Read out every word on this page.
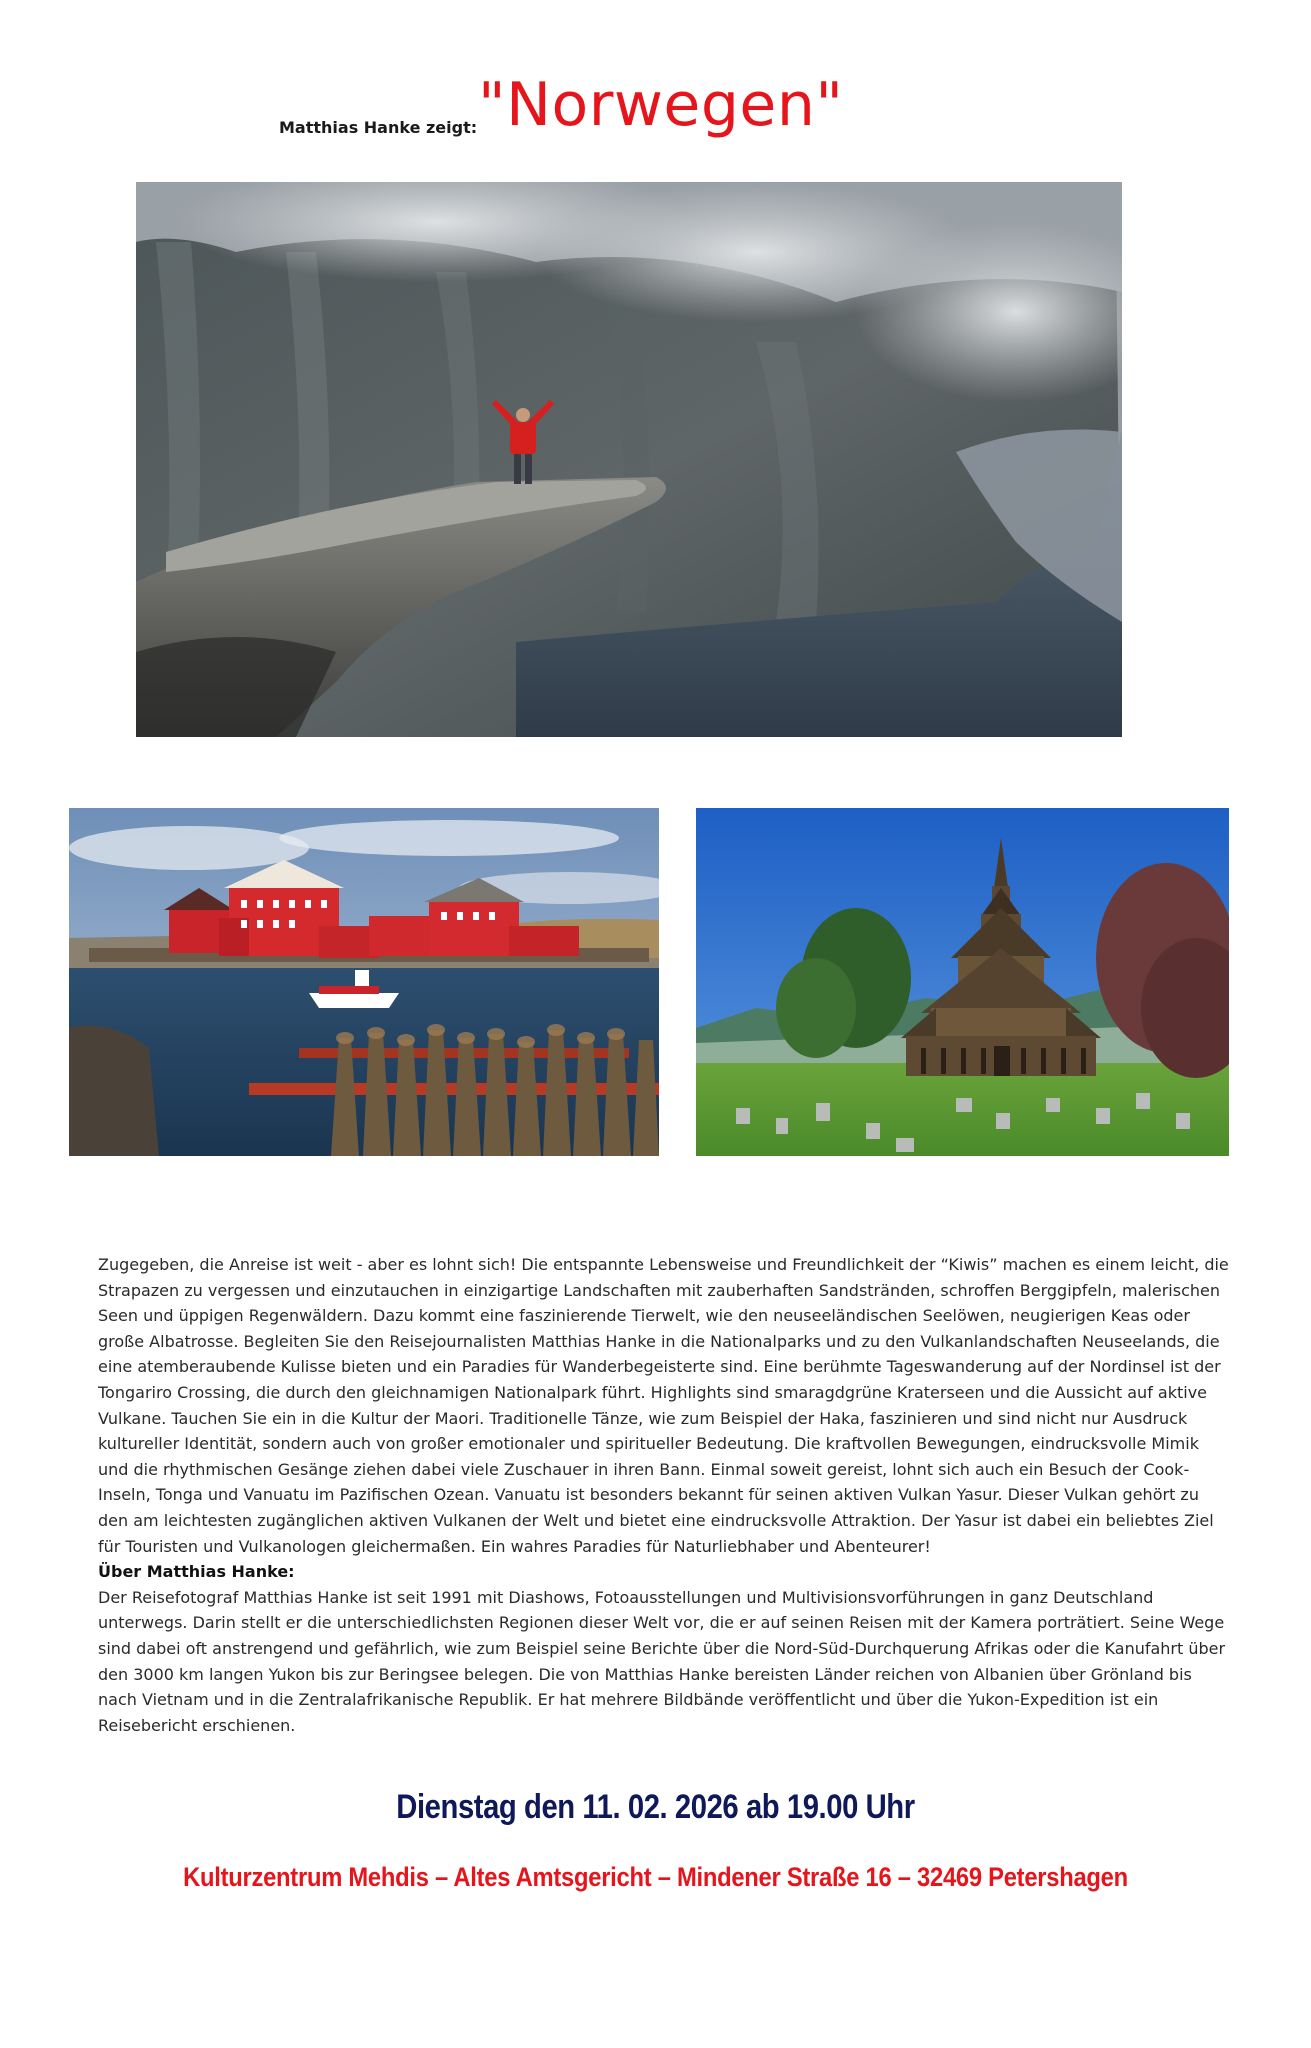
Matthias Hanke zeigt: "Norwegen"

Zugegeben, die Anreise ist weit - aber es lohnt sich! Die entspannte Lebensweise und Freundlichkeit der “Kiwis” machen es einem leicht, die Strapazen zu vergessen und einzutauchen in einzigartige Landschaften mit zauberhaften Sandstränden, schroffen Berggipfeln, malerischen Seen und üppigen Regenwäldern. Dazu kommt eine faszinierende Tierwelt, wie den neuseeländischen Seelöwen, neugierigen Keas oder große Albatrosse. Begleiten Sie den Reisejournalisten Matthias Hanke in die Nationalparks und zu den Vulkanlandschaften Neuseelands, die eine atemberaubende Kulisse bieten und ein Paradies für Wanderbegeisterte sind. Eine berühmte Tageswanderung auf der Nordinsel ist der Tongariro Crossing, die durch den gleichnamigen Nationalpark führt. Highlights sind smaragdgrüne Kraterseen und die Aussicht auf aktive Vulkane. Tauchen Sie ein in die Kultur der Maori. Traditionelle Tänze, wie zum Beispiel der Haka, faszinieren und sind nicht nur Ausdruck kultureller Identität, sondern auch von großer emotionaler und spiritueller Bedeutung. Die kraftvollen Bewegungen, eindrucksvolle Mimik und die rhythmischen Gesänge ziehen dabei viele Zuschauer in ihren Bann. Einmal soweit gereist, lohnt sich auch ein Besuch der Cook-Inseln, Tonga und Vanuatu im Pazifischen Ozean. Vanuatu ist besonders bekannt für seinen aktiven Vulkan Yasur. Dieser Vulkan gehört zu den am leichtesten zugänglichen aktiven Vulkanen der Welt und bietet eine eindrucksvolle Attraktion. Der Yasur ist dabei ein beliebtes Ziel für Touristen und Vulkanologen gleichermaßen. Ein wahres Paradies für Naturliebhaber und Abenteurer!

Über Matthias Hanke:

Der Reisefotograf Matthias Hanke ist seit 1991 mit Diashows, Fotoausstellungen und Multivisionsvorführungen in ganz Deutschland unterwegs. Darin stellt er die unterschiedlichsten Regionen dieser Welt vor, die er auf seinen Reisen mit der Kamera porträtiert. Seine Wege sind dabei oft anstrengend und gefährlich, wie zum Beispiel seine Berichte über die Nord-Süd-Durchquerung Afrikas oder die Kanufahrt über den 3000 km langen Yukon bis zur Beringsee belegen. Die von Matthias Hanke bereisten Länder reichen von Albanien über Grönland bis nach Vietnam und in die Zentralafrikanische Republik. Er hat mehrere Bildbände veröffentlicht und über die Yukon-Expedition ist ein Reisebericht erschienen.

Dienstag den 11. 02. 2026 ab 19.00 Uhr
Kulturzentrum Mehdis – Altes Amtsgericht – Mindener Straße 16 – 32469 Petershagen
